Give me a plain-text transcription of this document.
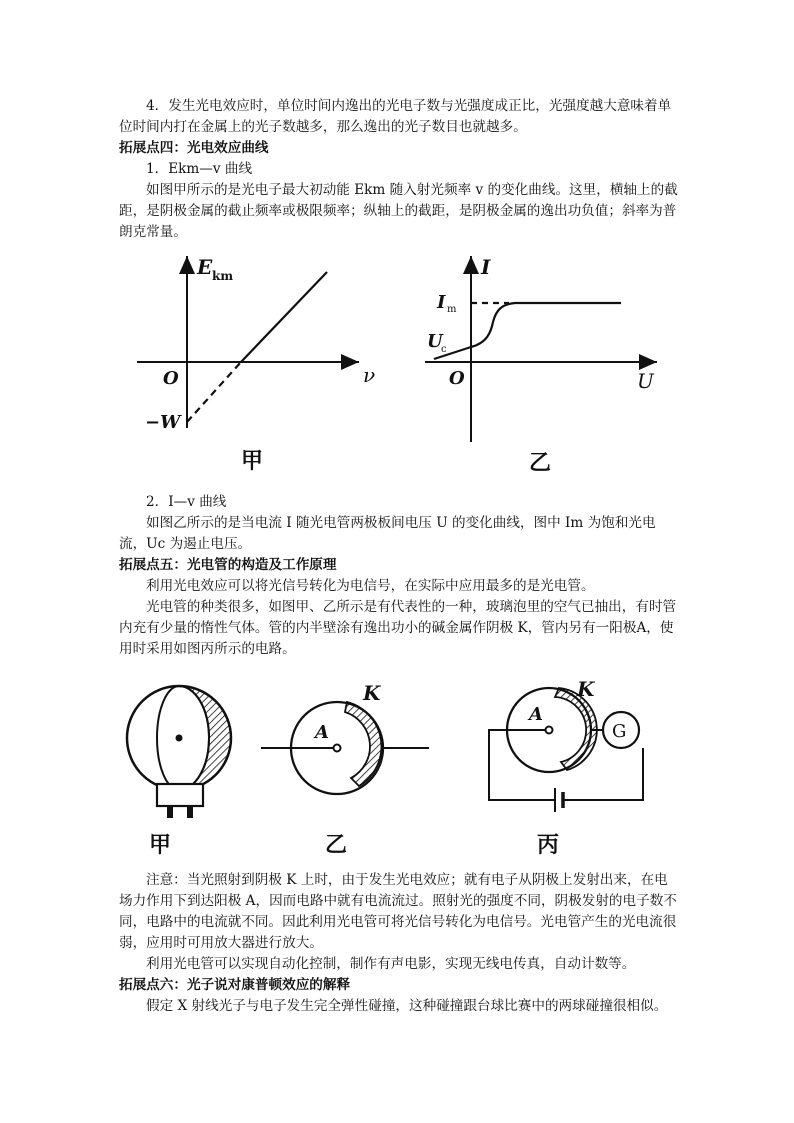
4．发生光电效应时，单位时间内逸出的光电子数与光强度成正比，光强度越大意味着单位时间内打在金属上的光子数越多，那么逸出的光子数目也就越多。

拓展点四：光电效应曲线

1．Ekm—v 曲线

如图甲所示的是光电子最大初动能 Ekm 随入射光频率 v 的变化曲线。这里，横轴上的截距，是阴极金属的截止频率或极限频率；纵轴上的截距，是阴极金属的逸出功负值；斜率为普朗克常量。

E km
ν
O
−W
甲
I
I m
U
c
O	U
乙

2．I—v 曲线

如图乙所示的是当电流 I 随光电管两极板间电压 U 的变化曲线，图中 Im 为饱和光电流，Uc 为遏止电压。

拓展点五：光电管的构造及工作原理

利用光电效应可以将光信号转化为电信号，在实际中应用最多的是光电管。

光电管的种类很多，如图甲、乙所示是有代表性的一种，玻璃泡里的空气已抽出，有时管内充有少量的惰性气体。管的内半壁涂有逸出功小的碱金属作阴极 K，管内另有一阳极A，使用时采用如图丙所示的电路。

甲
A
K
乙
A
K
G
丙

注意：当光照射到阴极 K 上时，由于发生光电效应；就有电子从阴极上发射出来，在电场力作用下到达阳极 A，因而电路中就有电流流过。照射光的强度不同，阴极发射的电子数不同，电路中的电流就不同。因此利用光电管可将光信号转化为电信号。光电管产生的光电流很弱，应用时可用放大器进行放大。

利用光电管可以实现自动化控制，制作有声电影，实现无线电传真，自动计数等。

拓展点六：光子说对康普顿效应的解释

假定 X 射线光子与电子发生完全弹性碰撞，这种碰撞跟台球比赛中的两球碰撞很相似。
